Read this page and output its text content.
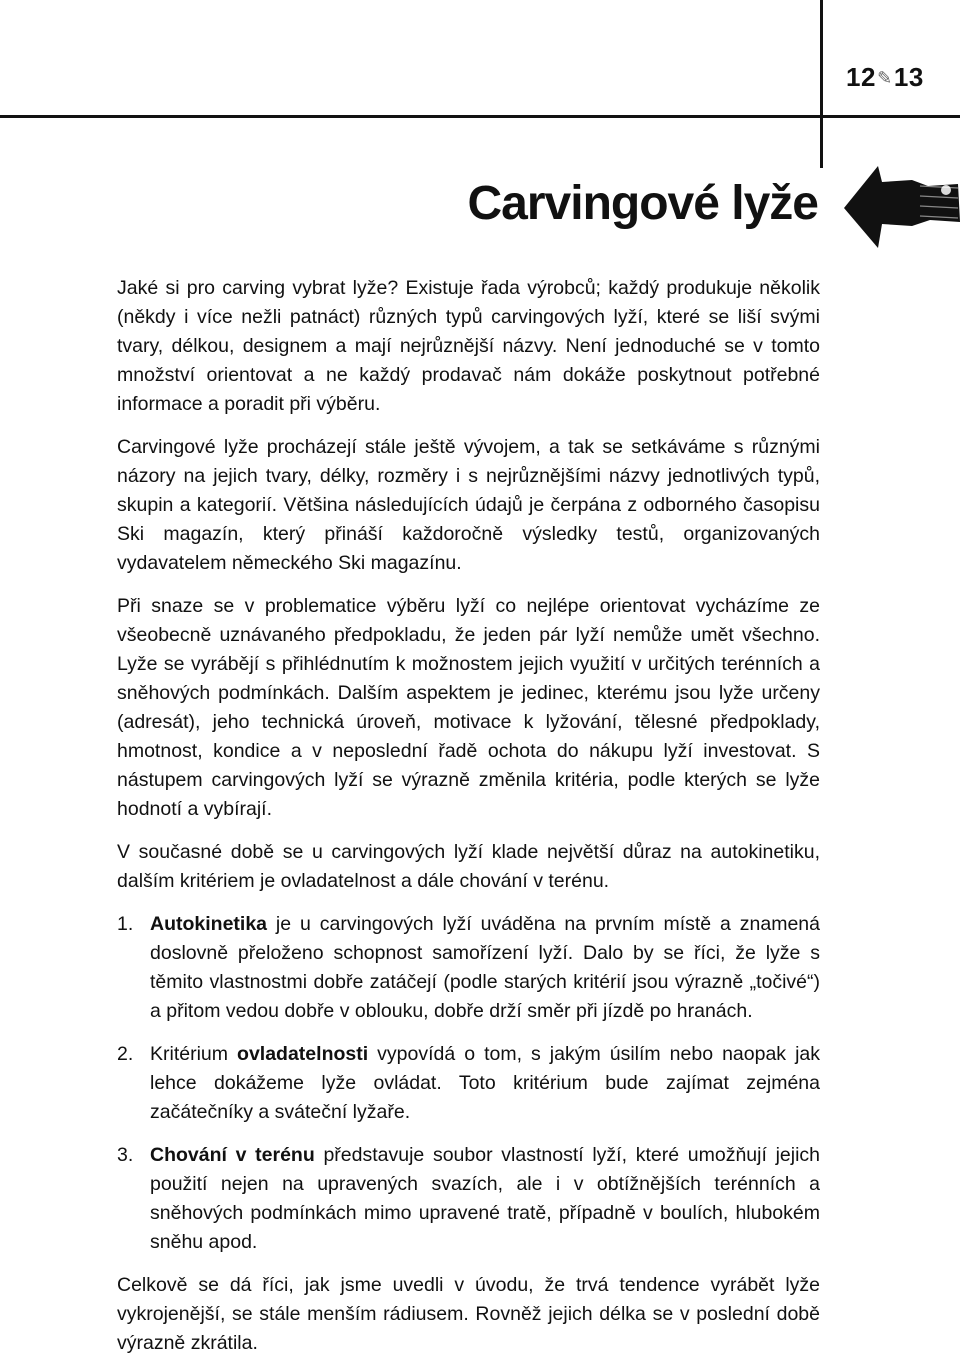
12✎13
Carvingové lyže

Jaké si pro carving vybrat lyže? Existuje řada výrobců; každý produkuje několik (někdy i více nežli patnáct) různých typů carvingových lyží, které se liší svými tvary, délkou, designem a mají nejrůznější názvy. Není jednoduché se v tomto množství orientovat a ne každý prodavač nám dokáže poskytnout potřebné informace a poradit při výběru.

Carvingové lyže procházejí stále ještě vývojem, a tak se setkáváme s různými názory na jejich tvary, délky, rozměry i s nejrůznějšími názvy jednotlivých typů, skupin a kategorií. Většina následujících údajů je čerpána z odborného časopisu Ski magazín, který přináší každoročně výsledky testů, organizovaných vydavatelem německého Ski magazínu.

Při snaze se v problematice výběru lyží co nejlépe orientovat vycházíme ze všeobecně uznávaného předpokladu, že jeden pár lyží nemůže umět všechno. Lyže se vyrábějí s přihlédnutím k možnostem jejich využití v určitých terénních a sněhových podmínkách. Dalším aspektem je jedinec, kterému jsou lyže určeny (adresát), jeho technická úroveň, motivace k lyžování, tělesné předpoklady, hmotnost, kondice a v neposlední řadě ochota do nákupu lyží investovat. S nástupem carvingových lyží se výrazně změnila kritéria, podle kterých se lyže hodnotí a vybírají.

V současné době se u carvingových lyží klade největší důraz na autokinetiku, dalším kritériem je ovladatelnost a dále chování v terénu.

1. Autokinetika je u carvingových lyží uváděna na prvním místě a znamená doslovně přeloženo schopnost samořízení lyží. Dalo by se říci, že lyže s těmito vlastnostmi dobře zatáčejí (podle starých kritérií jsou výrazně „točivé“) a přitom vedou dobře v oblouku, dobře drží směr při jízdě po hranách.
2. Kritérium ovladatelnosti vypovídá o tom, s jakým úsilím nebo naopak jak lehce dokážeme lyže ovládat. Toto kritérium bude zajímat zejména začátečníky a sváteční lyžaře.
3. Chování v terénu představuje soubor vlastností lyží, které umožňují jejich použití nejen na upravených svazích, ale i v obtížnějších terénních a sněhových podmínkách mimo upravené tratě, případně v boulích, hlubokém sněhu apod.

Celkově se dá říci, jak jsme uvedli v úvodu, že trvá tendence vyrábět lyže vykrojenější, se stále menším rádiusem. Rovněž jejich délka se v poslední době výrazně zkrátila.
